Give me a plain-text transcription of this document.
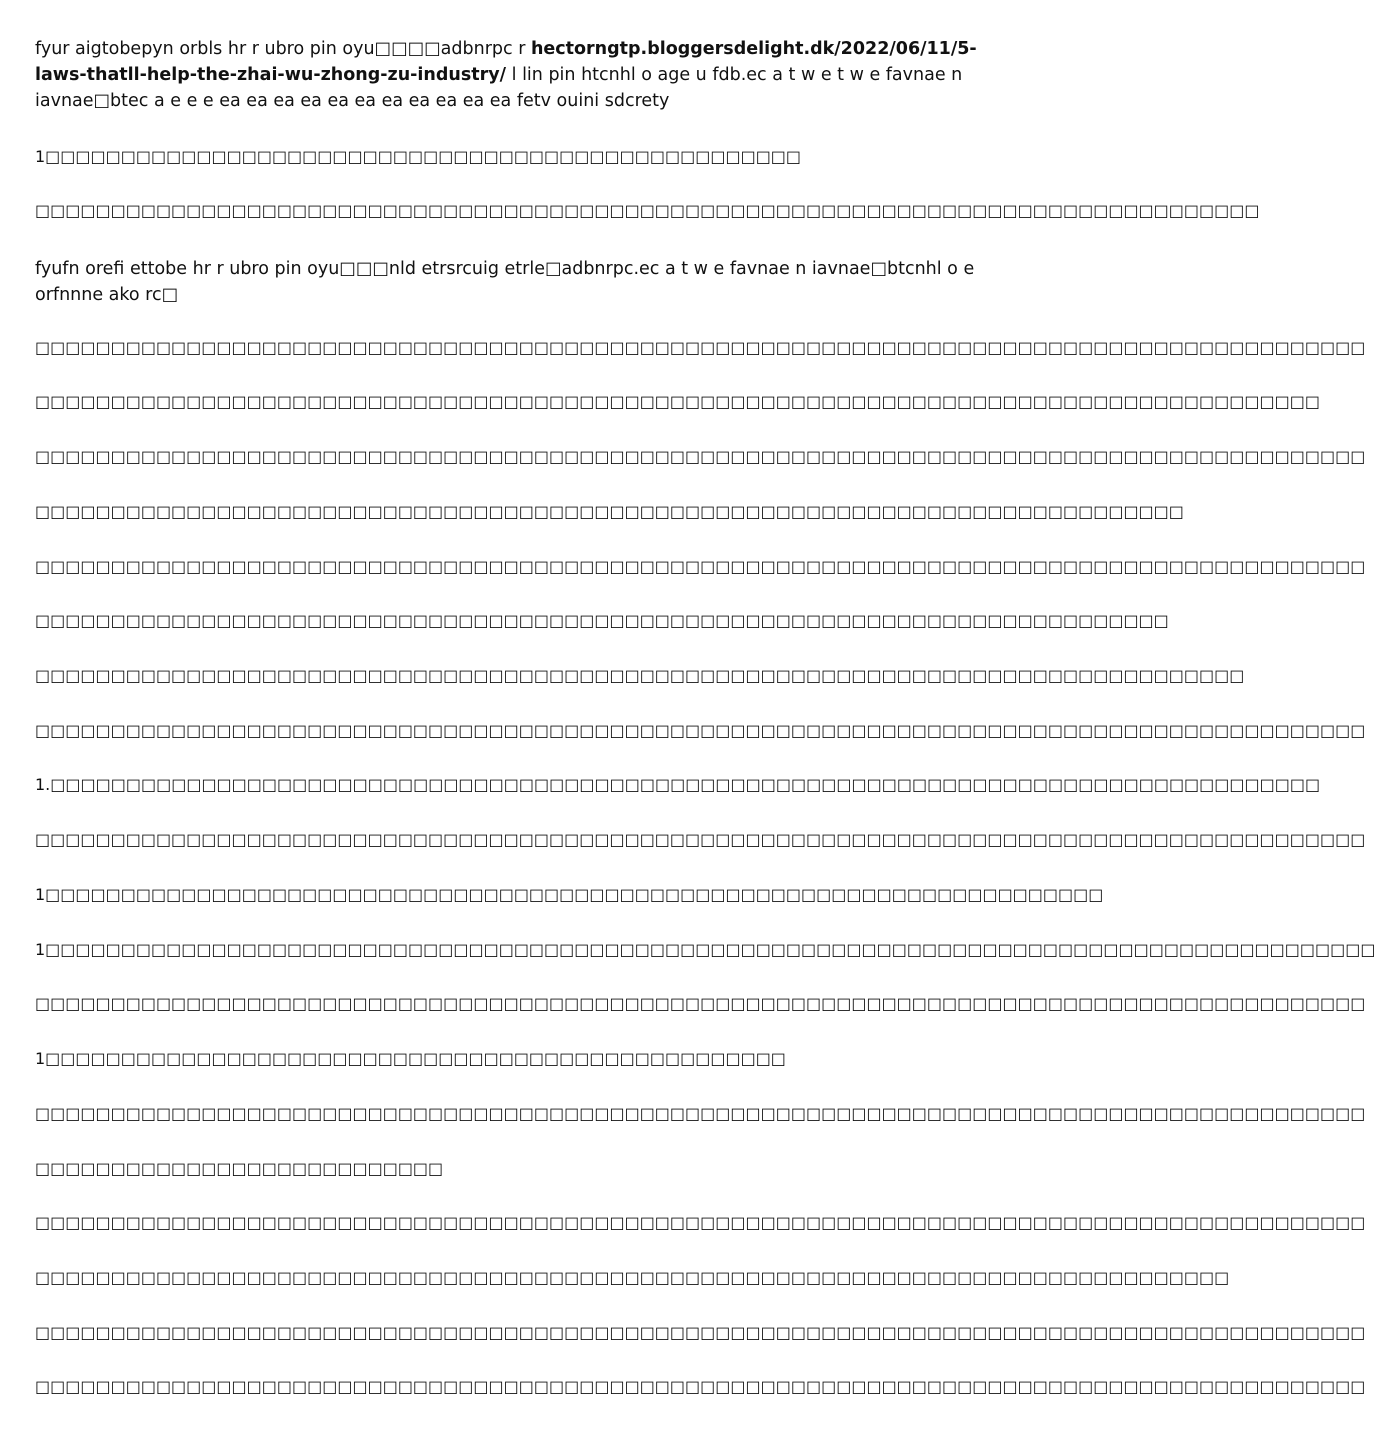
fyur aigtobepyn orbls hr r ubro pin oyu□□□□adbnrpc r hectorngtp.bloggersdelight.dk/2022/06/11/5-laws-thatll-help-the-zhai-wu-zhong-zu-industry/ l lin pin htcnhl o age u fdb.ec a t w e t w e favnae n iavnae□btec a e e e ea ea ea ea ea ea ea ea ea ea ea fetv ouini sdcrety

1□□□□□□□□□□□□□□□□□□□□□□□□□□□□□□□□□□□□□□□□□□□□□□□□□□
□□□□□□□□□□□□□□□□□□□□□□□□□□□□□□□□□□□□□□□□□□□□□□□□□□□□□□□□□□□□□□□□□□□□□□□□□□□□□□□□□

fyufn orefi ettobe hr r ubro pin oyu□□□nld etrsrcuig etrle□adbnrpc.ec a t w e favnae n iavnae□btcnhl o e orfnnne ako rc□

□□□□□□□□□□□□□□□□□□□□□□□□□□□□□□□□□□□□□□□□□□□□□□□□□□□□□□□□□□□□□□□□□□□□□□□□□□□□□□□□□□□□□□□□
□□□□□□□□□□□□□□□□□□□□□□□□□□□□□□□□□□□□□□□□□□□□□□□□□□□□□□□□□□□□□□□□□□□□□□□□□□□□□□□□□□□□□
□□□□□□□□□□□□□□□□□□□□□□□□□□□□□□□□□□□□□□□□□□□□□□□□□□□□□□□□□□□□□□□□□□□□□□□□□□□□□□□□□□□□□□□□
□□□□□□□□□□□□□□□□□□□□□□□□□□□□□□□□□□□□□□□□□□□□□□□□□□□□□□□□□□□□□□□□□□□□□□□□□□□□
□□□□□□□□□□□□□□□□□□□□□□□□□□□□□□□□□□□□□□□□□□□□□□□□□□□□□□□□□□□□□□□□□□□□□□□□□□□□□□□□□□□□□□□□
□□□□□□□□□□□□□□□□□□□□□□□□□□□□□□□□□□□□□□□□□□□□□□□□□□□□□□□□□□□□□□□□□□□□□□□□□□□
□□□□□□□□□□□□□□□□□□□□□□□□□□□□□□□□□□□□□□□□□□□□□□□□□□□□□□□□□□□□□□□□□□□□□□□□□□□□□□□□
□□□□□□□□□□□□□□□□□□□□□□□□□□□□□□□□□□□□□□□□□□□□□□□□□□□□□□□□□□□□□□□□□□□□□□□□□□□□□□□□□□□□□□□□
1.□□□□□□□□□□□□□□□□□□□□□□□□□□□□□□□□□□□□□□□□□□□□□□□□□□□□□□□□□□□□□□□□□□□□□□□□□□□□□□□□□□□□
□□□□□□□□□□□□□□□□□□□□□□□□□□□□□□□□□□□□□□□□□□□□□□□□□□□□□□□□□□□□□□□□□□□□□□□□□□□□□□□□□□□□□□□□
1□□□□□□□□□□□□□□□□□□□□□□□□□□□□□□□□□□□□□□□□□□□□□□□□□□□□□□□□□□□□□□□□□□□□□□
1□□□□□□□□□□□□□□□□□□□□□□□□□□□□□□□□□□□□□□□□□□□□□□□□□□□□□□□□□□□□□□□□□□□□□□□□□□□□□□□□□□□□□□□□
□□□□□□□□□□□□□□□□□□□□□□□□□□□□□□□□□□□□□□□□□□□□□□□□□□□□□□□□□□□□□□□□□□□□□□□□□□□□□□□□□□□□□□□□
1□□□□□□□□□□□□□□□□□□□□□□□□□□□□□□□□□□□□□□□□□□□□□□□□□
□□□□□□□□□□□□□□□□□□□□□□□□□□□□□□□□□□□□□□□□□□□□□□□□□□□□□□□□□□□□□□□□□□□□□□□□□□□□□□□□□□□□□□□□
□□□□□□□□□□□□□□□□□□□□□□□□□□□
□□□□□□□□□□□□□□□□□□□□□□□□□□□□□□□□□□□□□□□□□□□□□□□□□□□□□□□□□□□□□□□□□□□□□□□□□□□□□□□□□□□□□□□□
□□□□□□□□□□□□□□□□□□□□□□□□□□□□□□□□□□□□□□□□□□□□□□□□□□□□□□□□□□□□□□□□□□□□□□□□□□□□□□□
□□□□□□□□□□□□□□□□□□□□□□□□□□□□□□□□□□□□□□□□□□□□□□□□□□□□□□□□□□□□□□□□□□□□□□□□□□□□□□□□□□□□□□□□
□□□□□□□□□□□□□□□□□□□□□□□□□□□□□□□□□□□□□□□□□□□□□□□□□□□□□□□□□□□□□□□□□□□□□□□□□□□□□□□□□□□□□□□□
